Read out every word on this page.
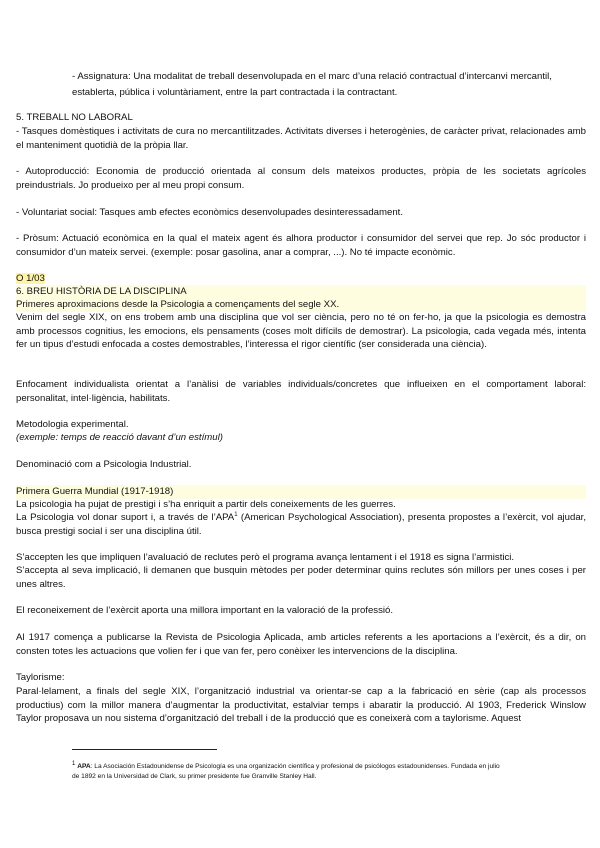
- Assignatura: Una modalitat de treball desenvolupada en el marc d’una relació contractual d’intercanvi mercantil,

establerta, pública i voluntàriament, entre la part contractada i la contractant.

5. TREBALL NO LABORAL

- Tasques domèstiques i activitats de cura no mercantilitzades. Activitats diverses i heterogènies, de caràcter privat, relacionades amb el manteniment quotidià de la pròpia llar.

- Autoproducció: Economia de producció orientada al consum dels mateixos productes, pròpia de les societats agrícoles preindustrials. Jo produeixo per al meu propi consum.

- Voluntariat social: Tasques amb efectes econòmics desenvolupades desinteressadament.

- Pròsum: Actuació econòmica en la qual el mateix agent és alhora productor i consumidor del servei que rep. Jo sóc productor i consumidor d’un mateix servei. (exemple: posar gasolina, anar a comprar, ...). No té impacte econòmic.

O 1/03

6. BREU HISTÒRIA DE LA DISCIPLINA

Primeres aproximacions desde la Psicologia a començaments del segle XX.

Venim del segle XIX, on ens trobem amb una disciplina que vol ser ciència, pero no té on fer-ho, ja que la psicologia es demostra amb processos cognitius, les emocions, els pensaments (coses molt difícils de demostrar). La psicologia, cada vegada més, intenta fer un tipus d’estudi enfocada a costes demostrables, l’interessa el rigor científic (ser considerada una ciència).

Enfocament individualista orientat a l’anàlisi de variables individuals/concretes que influeixen en el comportament laboral: personalitat, intel·ligència, habilitats.

Metodologia experimental.

(exemple: temps de reacció davant d’un estímul)

Denominació com a Psicologia Industrial.

Primera Guerra Mundial (1917-1918)

La psicologia ha pujat de prestigi i s’ha enriquit a partir dels coneixements de les guerres.

La Psicologia vol donar suport i, a través de l’APA$^1$ (American Psychological Association), presenta propostes a l’exèrcit, vol ajudar, busca prestigi social i ser una disciplina útil.

S’accepten les que impliquen l’avaluació de reclutes però el programa avança lentament i el 1918 es signa l’armistici.

S’accepta al seva implicació, li demanen que busquin mètodes per poder determinar quins reclutes són millors per unes coses i per unes altres.

El reconeixement de l’exèrcit aporta una millora important en la valoració de la professió.

Al 1917 comença a publicarse la Revista de Psicologia Aplicada, amb articles referents a les aportacions a l’exèrcit, és a dir, on consten totes les actuacions que volien fer i que van fer, pero conèixer les intervencions de la disciplina.

Taylorisme:

Paral·lelament, a finals del segle XIX, l’organització industrial va orientar-se cap a la fabricació en sèrie (cap als processos productius) com la millor manera d’augmentar la productivitat, estalviar temps i abaratir la producció. Al 1903, Frederick Winslow Taylor proposava un nou sistema d’organització del treball i de la producció que es coneixerà com a taylorisme. Aquest

$^1$ APA: La Asociación Estadounidense de Psicología es una organización científica y profesional de psicólogos estadounidenses. Fundada en julio de 1892 en la Universidad de Clark, su primer presidente fue Granville Stanley Hall.
